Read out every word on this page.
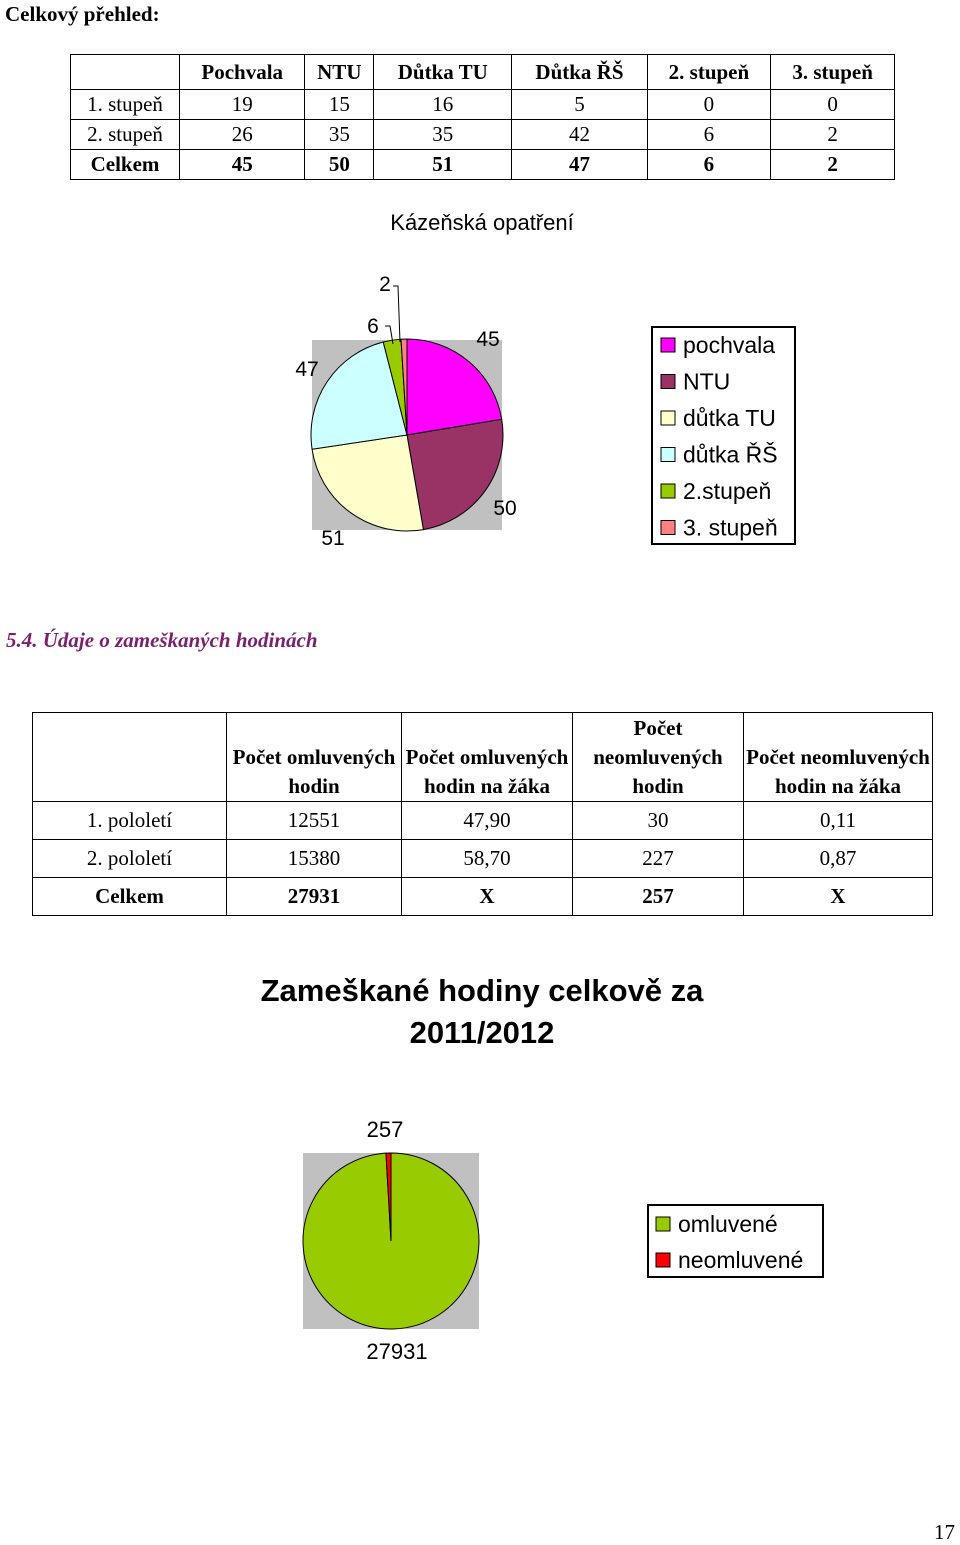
Celkový přehled:
	Pochvala	NTU	Důtka TU	Důtka ŘŠ	2. stupeň	3. stupeň
1. stupeň	19	15	16	5	0	0
2. stupeň	26	35	35	42	6	2
Celkem	45	50	51	47	6	2
Kázeňská opatření
45
50
51
47
6
2
pochvala
NTU
důtka TU
důtka ŘŠ
2.stupeň
3. stupeň
5.4. Údaje o zameškaných hodinách
	Počet omluvených hodin	Počet omluvených hodin na žáka	Počet neomluvených hodin	Počet neomluvených hodin na žáka
1. pololetí	12551	47,90	30	0,11
2. pololetí	15380	58,70	227	0,87
Celkem	27931	X	257	X
Zameškané hodiny celkově za 2011/2012
257
27931
omluvené
neomluvené
17
